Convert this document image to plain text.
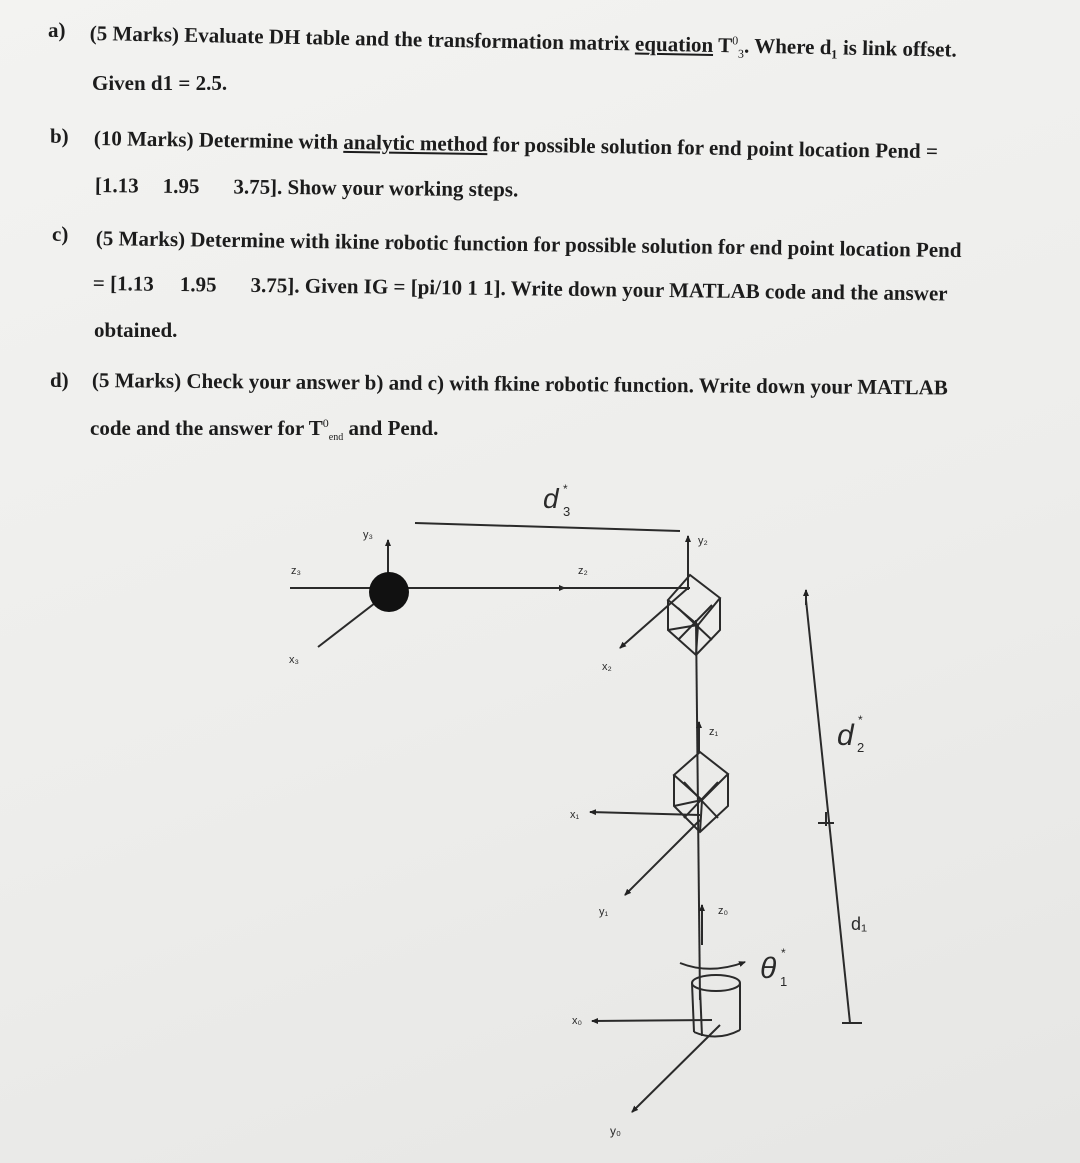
a) (5 Marks) Evaluate DH table and the transformation matrix equation $T^0_3$. Where d₁ is link offset.
Given d1 = 2.5.
b) (10 Marks) Determine with analytic method for possible solution for end point location Pend =
[1.13 1.95 3.75]. Show your working steps.
c) (5 Marks) Determine with ikine robotic function for possible solution for end point location Pend
= [1.13 1.95 3.75]. Given IG = [pi/10 1 1]. Write down your MATLAB code and the answer
obtained.
d) (5 Marks) Check your answer b) and c) with fkine robotic function. Write down your MATLAB
code and the answer for $T^0_{end}$ and Pend.
d 3
*
y₃
z₃
x₃
z₂
y₂
x₂
z₁
x₁
y₁	z₀
x₀
y₀
θ 1
*
d 2
*
d₁
